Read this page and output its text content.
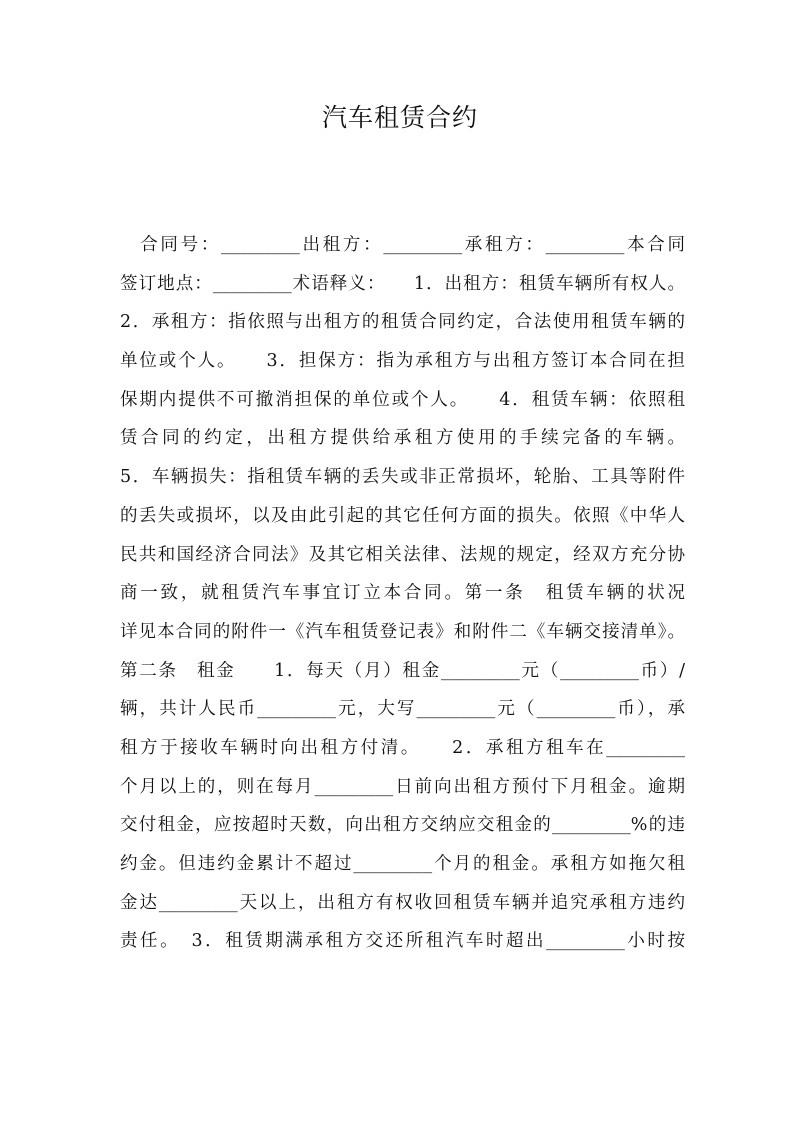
汽车租赁合约
　合同号：_________出租方：_________承租方：_________本合同
签订地点：_________术语释义：　　1．出租方：租赁车辆所有权人。
2．承租方：指依照与出租方的租赁合同约定，合法使用租赁车辆的
单位或个人。　　3．担保方：指为承租方与出租方签订本合同在担
保期内提供不可撤消担保的单位或个人。　　4．租赁车辆：依照租
赁合同的约定，出租方提供给承租方使用的手续完备的车辆。
5．车辆损失：指租赁车辆的丢失或非正常损坏，轮胎、工具等附件
的丢失或损坏，以及由此引起的其它任何方面的损失。依照《中华人
民共和国经济合同法》及其它相关法律、法规的规定，经双方充分协
商一致，就租赁汽车事宜订立本合同。第一条　租赁车辆的状况
详见本合同的附件一《汽车租赁登记表》和附件二《车辆交接清单》。
第二条　租金　　1．每天（月）租金_________元（_________币）/
辆，共计人民币_________元，大写_________元（_________币），承
租方于接收车辆时向出租方付清。　　2．承租方租车在_________
个月以上的，则在每月_________日前向出租方预付下月租金。逾期
交付租金，应按超时天数，向出租方交纳应交租金的_________%的违
约金。但违约金累计不超过_________个月的租金。承租方如拖欠租
金达_________天以上，出租方有权收回租赁车辆并追究承租方违约
责任。　3．租赁期满承租方交还所租汽车时超出_________小时按
